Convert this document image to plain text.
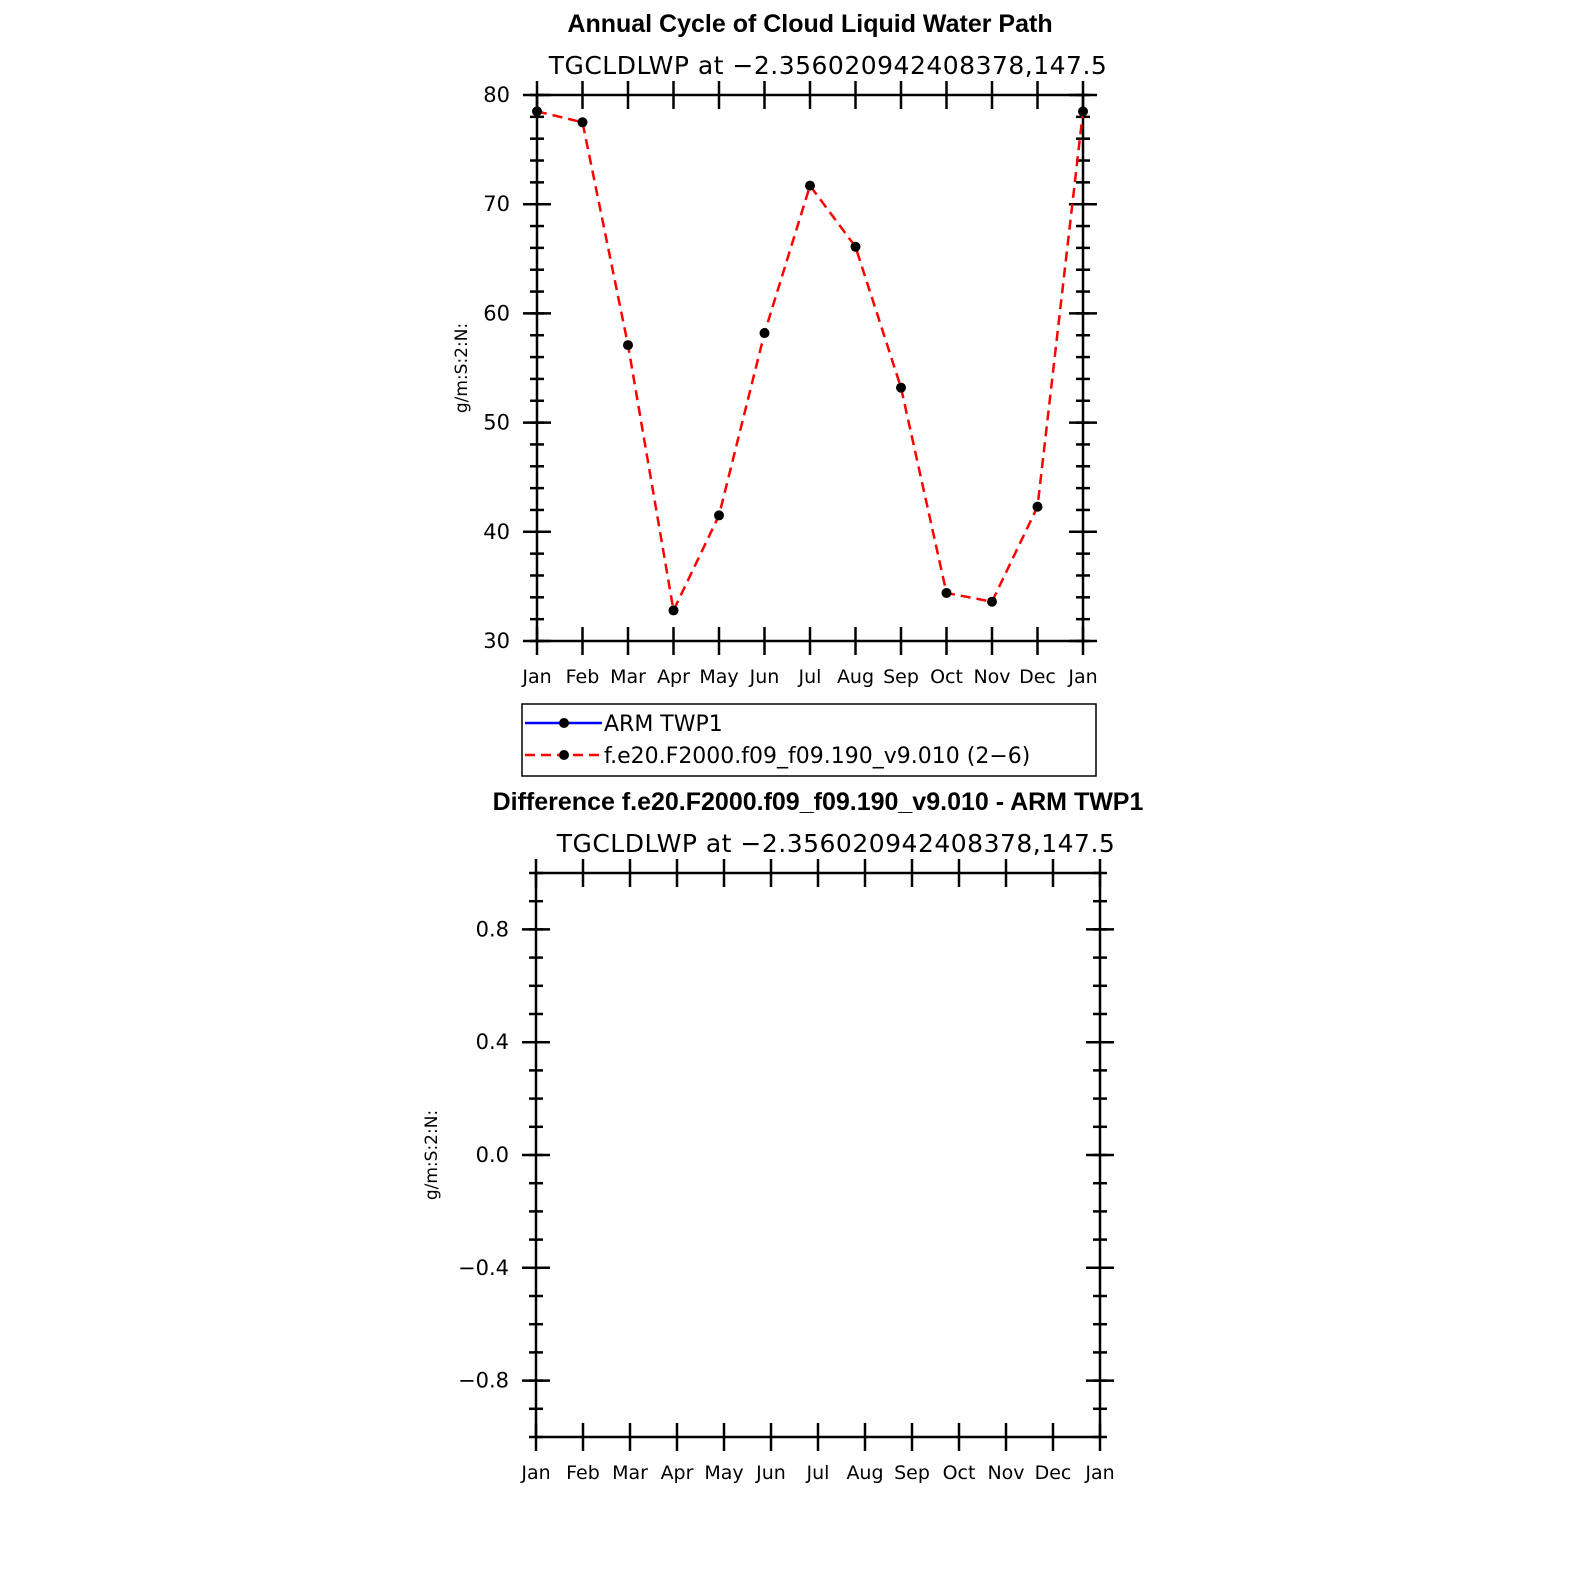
Annual Cycle of Cloud Liquid Water Path
TGCLDLWP at −2.356020942408378,147.5
g/m:S:2:N:
30
40
50
60
70
80
Jan Feb Mar Apr May Jun Jul Aug Sep Oct Nov Dec Jan
ARM TWP1
f.e20.F2000.f09_f09.190_v9.010 (2−6)
Difference f.e20.F2000.f09_f09.190_v9.010 - ARM TWP1
TGCLDLWP at −2.356020942408378,147.5
g/m:S:2:N:
0.8
0.4
0.0
−0.4
−0.8
Jan Feb Mar Apr May Jun Jul Aug Sep Oct Nov Dec Jan
